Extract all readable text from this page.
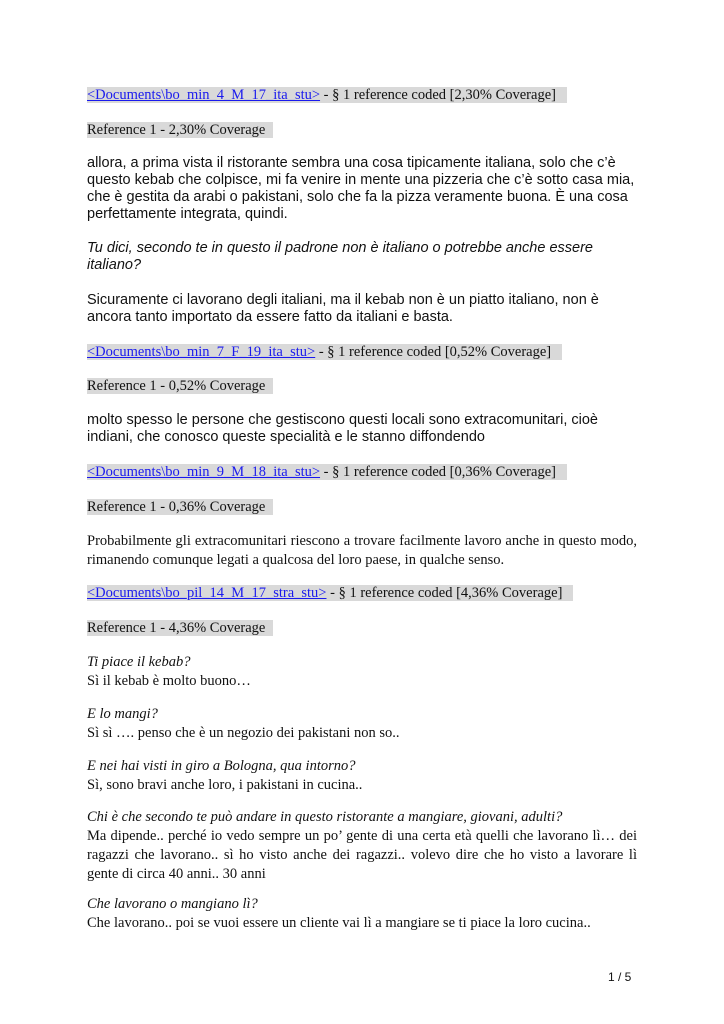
<Documents\bo_min_4_M_17_ita_stu> - § 1 reference coded [2,30% Coverage]

Reference 1 - 2,30% Coverage

allora, a prima vista il ristorante sembra una cosa tipicamente italiana, solo che c’è questo kebab che colpisce, mi fa venire in mente una pizzeria che c’è sotto casa mia, che è gestita da arabi o pakistani, solo che fa la pizza veramente buona. È una cosa perfettamente integrata, quindi.

Tu dici, secondo te in questo il padrone non è italiano o potrebbe anche essere italiano?

Sicuramente ci lavorano degli italiani, ma il kebab non è un piatto italiano, non è ancora tanto importato da essere fatto da italiani e basta.

<Documents\bo_min_7_F_19_ita_stu> - § 1 reference coded [0,52% Coverage]

Reference 1 - 0,52% Coverage

molto spesso le persone che gestiscono questi locali sono extracomunitari, cioè indiani, che conosco queste specialità e le stanno diffondendo

<Documents\bo_min_9_M_18_ita_stu> - § 1 reference coded [0,36% Coverage]

Reference 1 - 0,36% Coverage

Probabilmente gli extracomunitari riescono a trovare facilmente lavoro anche in questo modo, rimanendo comunque legati a qualcosa del loro paese, in qualche senso.

<Documents\bo_pil_14_M_17_stra_stu> - § 1 reference coded [4,36% Coverage]

Reference 1 - 4,36% Coverage

Ti piace il kebab?

Sì il kebab è molto buono…

E lo mangi?

Sì sì …. penso che è un negozio dei pakistani non so..

E nei hai visti in giro a Bologna, qua intorno?

Sì, sono bravi anche loro, i pakistani in cucina..

Chi è che secondo te può andare in questo ristorante a mangiare, giovani, adulti?

Ma dipende.. perché io vedo sempre un po’ gente di una certa età quelli che lavorano lì… dei ragazzi che lavorano.. sì ho visto anche dei ragazzi.. volevo dire che ho visto a lavorare lì gente di circa 40 anni.. 30 anni

Che lavorano o mangiano lì?

Che lavorano.. poi se vuoi essere un cliente vai lì a mangiare se ti piace la loro cucina..

1 / 5
